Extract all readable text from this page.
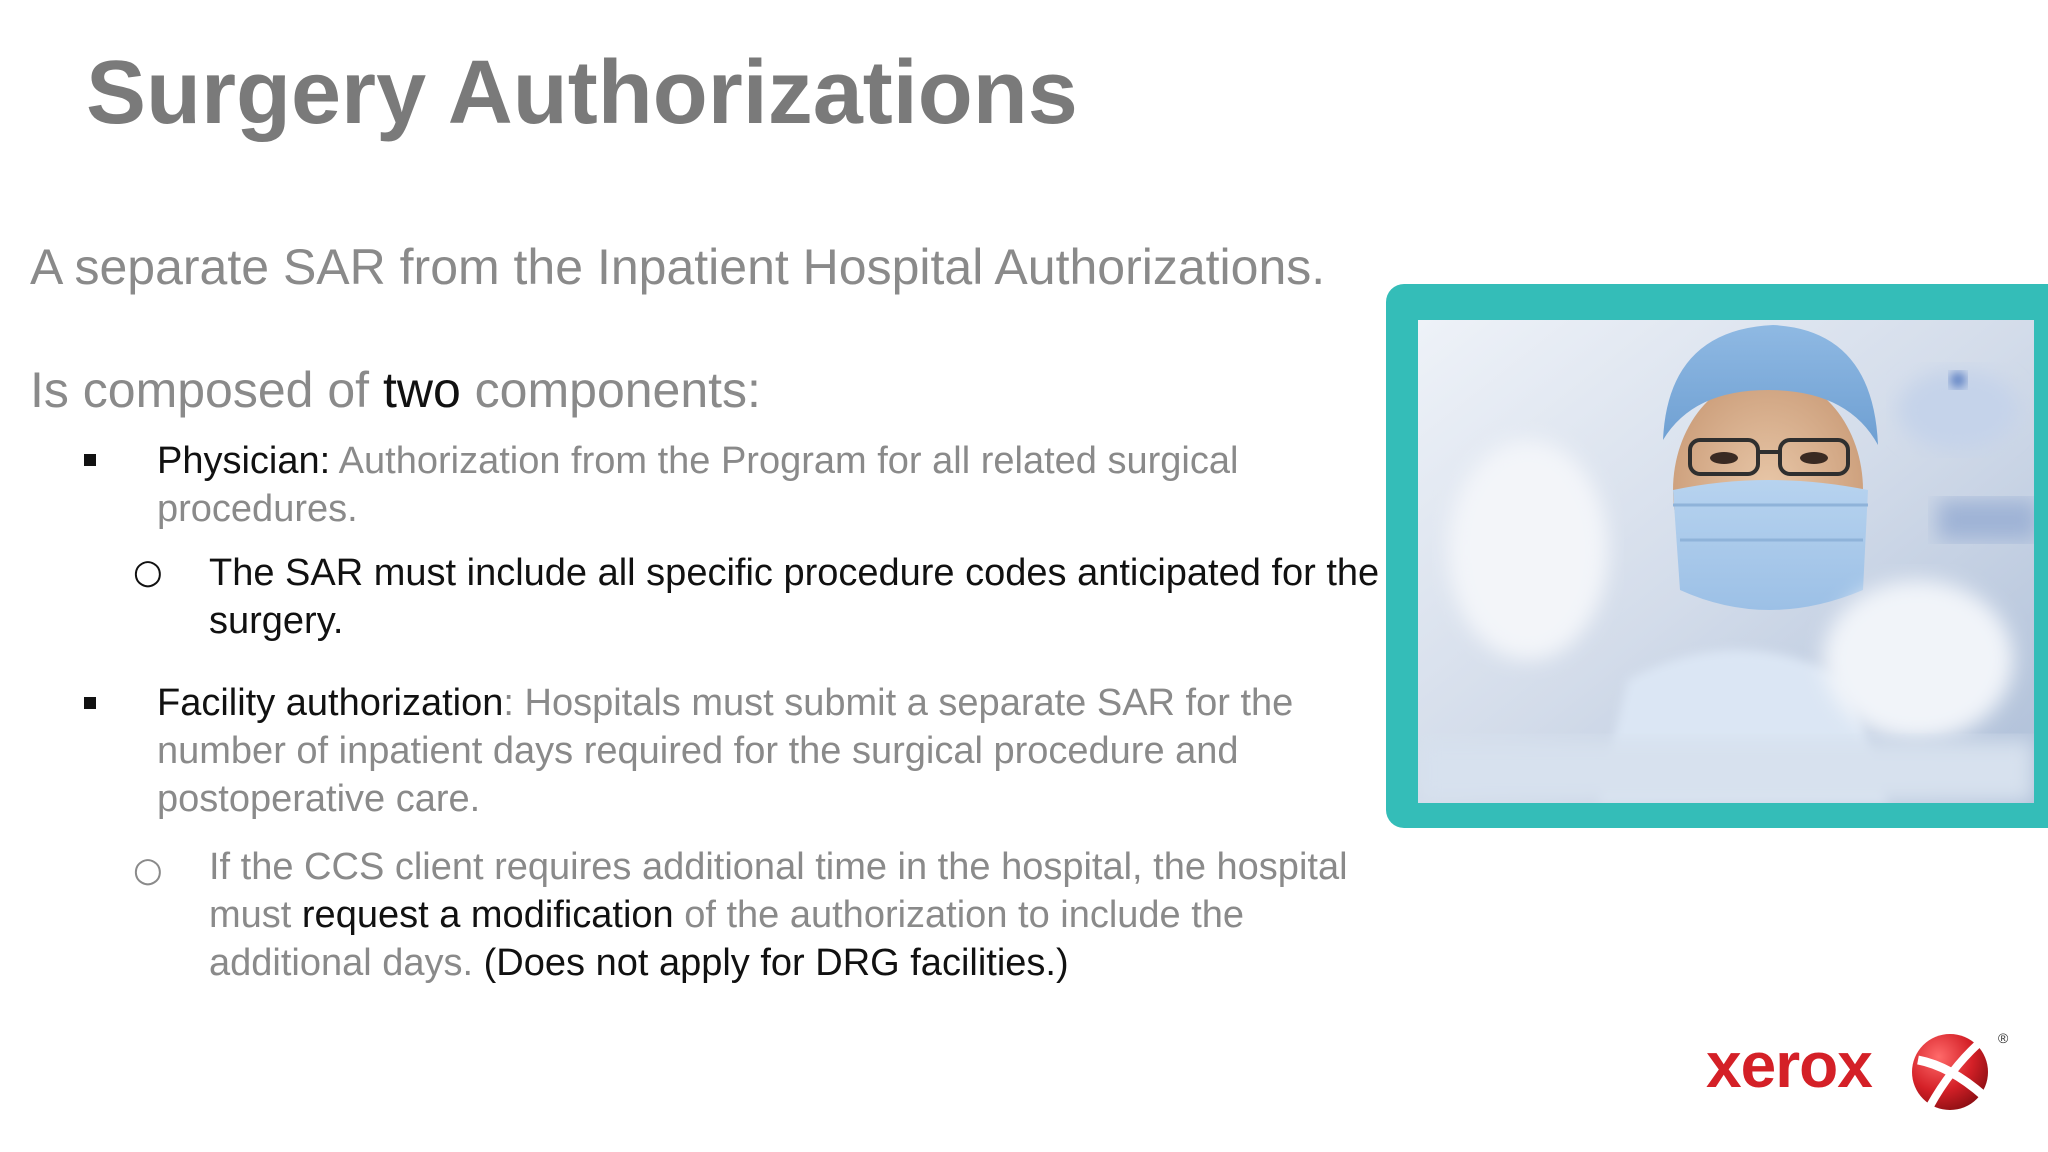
Surgery Authorizations
A separate SAR from the Inpatient Hospital Authorizations.
Is composed of two components:
Physician: Authorization from the Program for all related surgical procedures.
○ The SAR must include all specific procedure codes anticipated for the surgery.
Facility authorization: Hospitals must submit a separate SAR for the number of inpatient days required for the surgical procedure and postoperative care.
○ If the CCS client requires additional time in the hospital, the hospital must request a modification of the authorization to include the additional days. (Does not apply for DRG facilities.)
xerox	®
